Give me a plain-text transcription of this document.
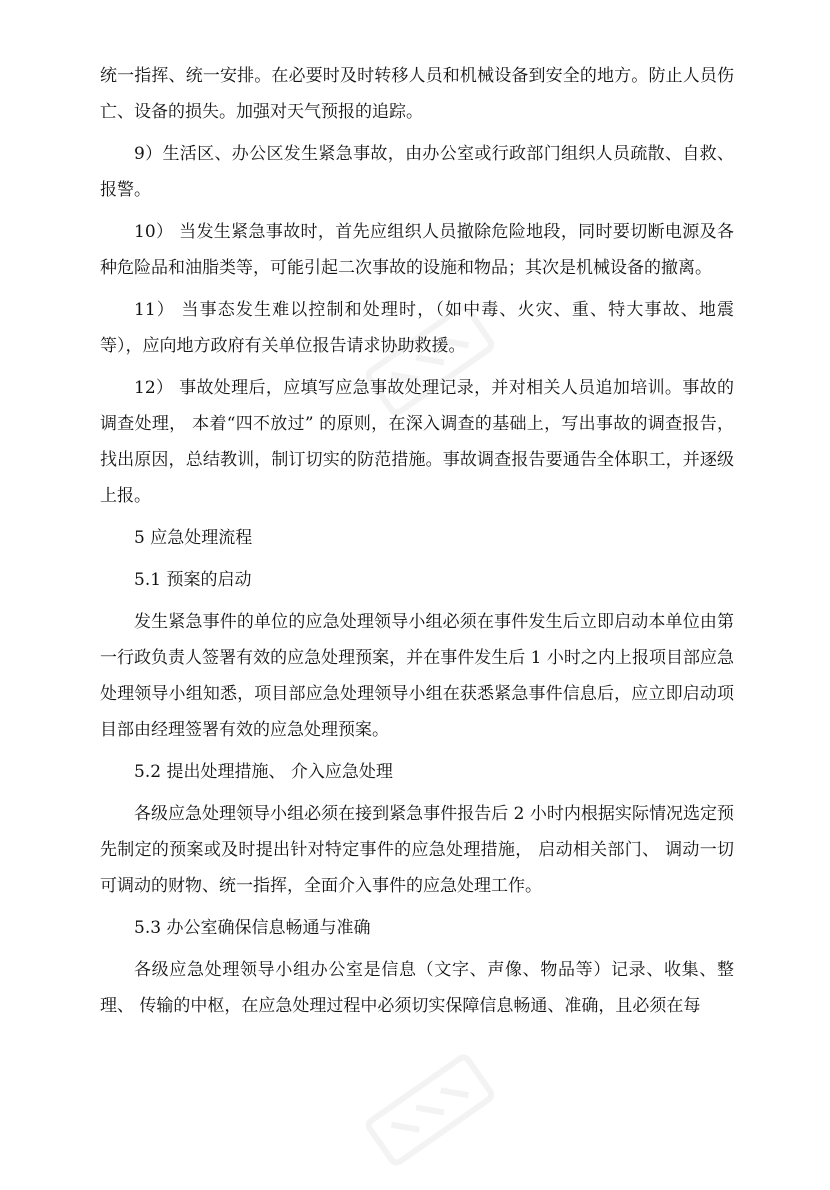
统一指挥、统一安排。在必要时及时转移人员和机械设备到安全的地方。防止人员伤亡、设备的损失。加强对天气预报的追踪。

9）生活区、办公区发生紧急事故，由办公室或行政部门组织人员疏散、自救、报警。

10） 当发生紧急事故时，首先应组织人员撤除危险地段，同时要切断电源及各种危险品和油脂类等，可能引起二次事故的设施和物品；其次是机械设备的撤离。

11） 当事态发生难以控制和处理时，（如中毒、火灾、重、特大事故、地震等），应向地方政府有关单位报告请求协助救援。

12） 事故处理后，应填写应急事故处理记录，并对相关人员追加培训。事故的调查处理， 本着“四不放过” 的原则，在深入调查的基础上，写出事故的调查报告， 找出原因，总结教训，制订切实的防范措施。事故调查报告要通告全体职工，并逐级上报。

5 应急处理流程

5.1 预案的启动

发生紧急事件的单位的应急处理领导小组必须在事件发生后立即启动本单位由第一行政负责人签署有效的应急处理预案，并在事件发生后 1 小时之内上报项目部应急处理领导小组知悉，项目部应急处理领导小组在获悉紧急事件信息后，应立即启动项目部由经理签署有效的应急处理预案。

5.2 提出处理措施、 介入应急处理

各级应急处理领导小组必须在接到紧急事件报告后 2 小时内根据实际情况选定预先制定的预案或及时提出针对特定事件的应急处理措施， 启动相关部门、 调动一切可调动的财物、统一指挥，全面介入事件的应急处理工作。

5.3 办公室确保信息畅通与准确

各级应急处理领导小组办公室是信息（文字、声像、物品等）记录、收集、整理、 传输的中枢，在应急处理过程中必须切实保障信息畅通、准确，且必须在每
